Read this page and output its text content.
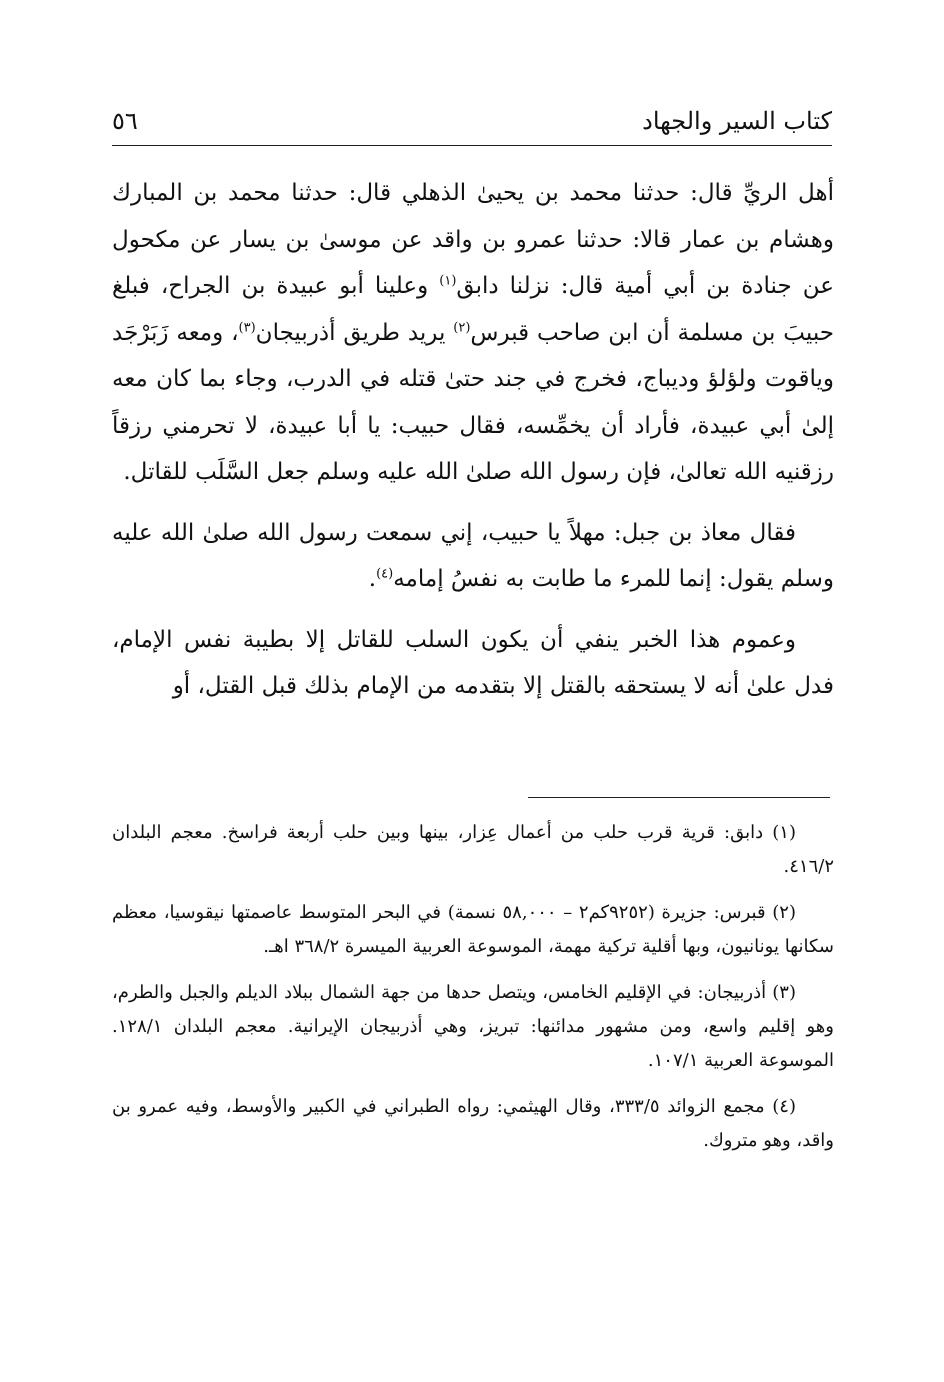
كتاب السير والجهاد
٥٦

أهل الريِّ قال: حدثنا محمد بن يحيىٰ الذهلي قال: حدثنا محمد بن المبارك وهشام بن عمار قالا: حدثنا عمرو بن واقد عن موسىٰ بن يسار عن مكحول عن جنادة بن أبي أمية قال: نزلنا دابق$^{(١)}$ وعلينا أبو عبيدة بن الجراح، فبلغ حبيبَ بن مسلمة أن ابن صاحب قبرس$^{(٢)}$ يريد طريق أذربيجان$^{(٣)}$، ومعه زَبَرْجَد وياقوت ولؤلؤ وديباج، فخرج في جند حتىٰ قتله في الدرب، وجاء بما كان معه إلىٰ أبي عبيدة، فأراد أن يخمِّسه، فقال حبيب: يا أبا عبيدة، لا تحرمني رزقاً رزقنيه الله تعالىٰ، فإن رسول الله صلىٰ الله عليه وسلم جعل السَّلَب للقاتل.

فقال معاذ بن جبل: مهلاً يا حبيب، إني سمعت رسول الله صلىٰ الله عليه وسلم يقول: إنما للمرء ما طابت به نفسُ إمامه$^{(٤)}$.

وعموم هذا الخبر ينفي أن يكون السلب للقاتل إلا بطيبة نفس الإمام، فدل علىٰ أنه لا يستحقه بالقتل إلا بتقدمه من الإمام بذلك قبل القتل، أو

(١) دابق: قرية قرب حلب من أعمال عِزار، بينها وبين حلب أربعة فراسخ. معجم البلدان ٤١٦/٢.

(٢) قبرس: جزيرة (٩٢٥٢كم٢ – ٥٨,٠٠٠ نسمة) في البحر المتوسط عاصمتها نيقوسيا، معظم سكانها يونانيون، وبها أقلية تركية مهمة، الموسوعة العربية الميسرة ٣٦٨/٢ اهـ.

(٣) أذربيجان: في الإقليم الخامس، ويتصل حدها من جهة الشمال ببلاد الديلم والجبل والطرم، وهو إقليم واسع، ومن مشهور مدائنها: تبريز، وهي أذربيجان الإيرانية. معجم البلدان ١٢٨/١. الموسوعة العربية ١٠٧/١.

(٤) مجمع الزوائد ٣٣٣/٥، وقال الهيثمي: رواه الطبراني في الكبير والأوسط، وفيه عمرو بن واقد، وهو متروك.
